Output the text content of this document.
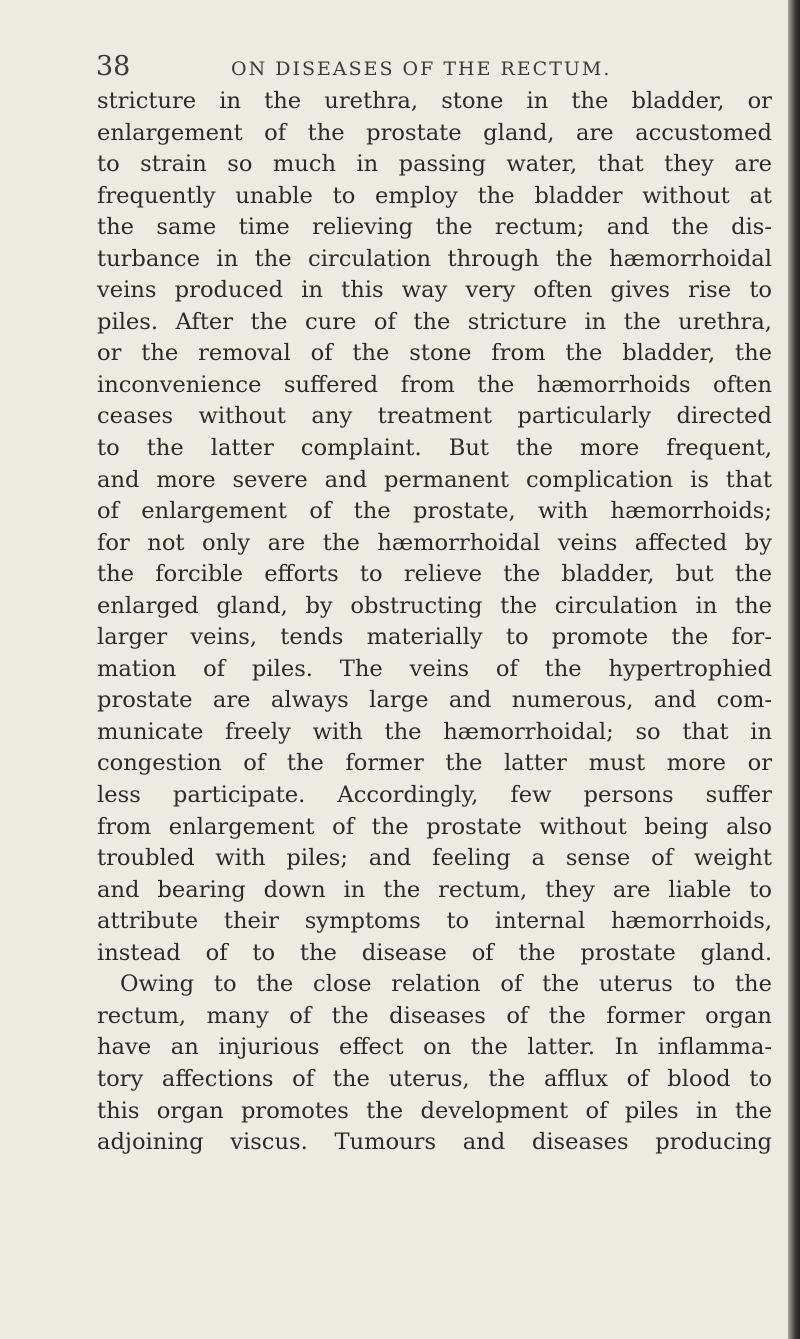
38	ON DISEASES OF THE RECTUM.
stricture in the urethra, stone in the bladder, or
enlargement of the prostate gland, are accustomed
to strain so much in passing water, that they are
frequently unable to employ the bladder without at
the same time relieving the rectum; and the dis-
turbance in the circulation through the hæmorrhoidal
veins produced in this way very often gives rise to
piles. After the cure of the stricture in the urethra,
or the removal of the stone from the bladder, the
inconvenience suffered from the hæmorrhoids often
ceases without any treatment particularly directed
to the latter complaint. But the more frequent,
and more severe and permanent complication is that
of enlargement of the prostate, with hæmorrhoids;
for not only are the hæmorrhoidal veins affected by
the forcible efforts to relieve the bladder, but the
enlarged gland, by obstructing the circulation in the
larger veins, tends materially to promote the for-
mation of piles. The veins of the hypertrophied
prostate are always large and numerous, and com-
municate freely with the hæmorrhoidal; so that in
congestion of the former the latter must more or
less participate. Accordingly, few persons suffer
from enlargement of the prostate without being also
troubled with piles; and feeling a sense of weight
and bearing down in the rectum, they are liable to
attribute their symptoms to internal hæmorrhoids,
instead of to the disease of the prostate gland.
Owing to the close relation of the uterus to the
rectum, many of the diseases of the former organ
have an injurious effect on the latter. In inflamma-
tory affections of the uterus, the afflux of blood to
this organ promotes the development of piles in the
adjoining viscus. Tumours and diseases producing
